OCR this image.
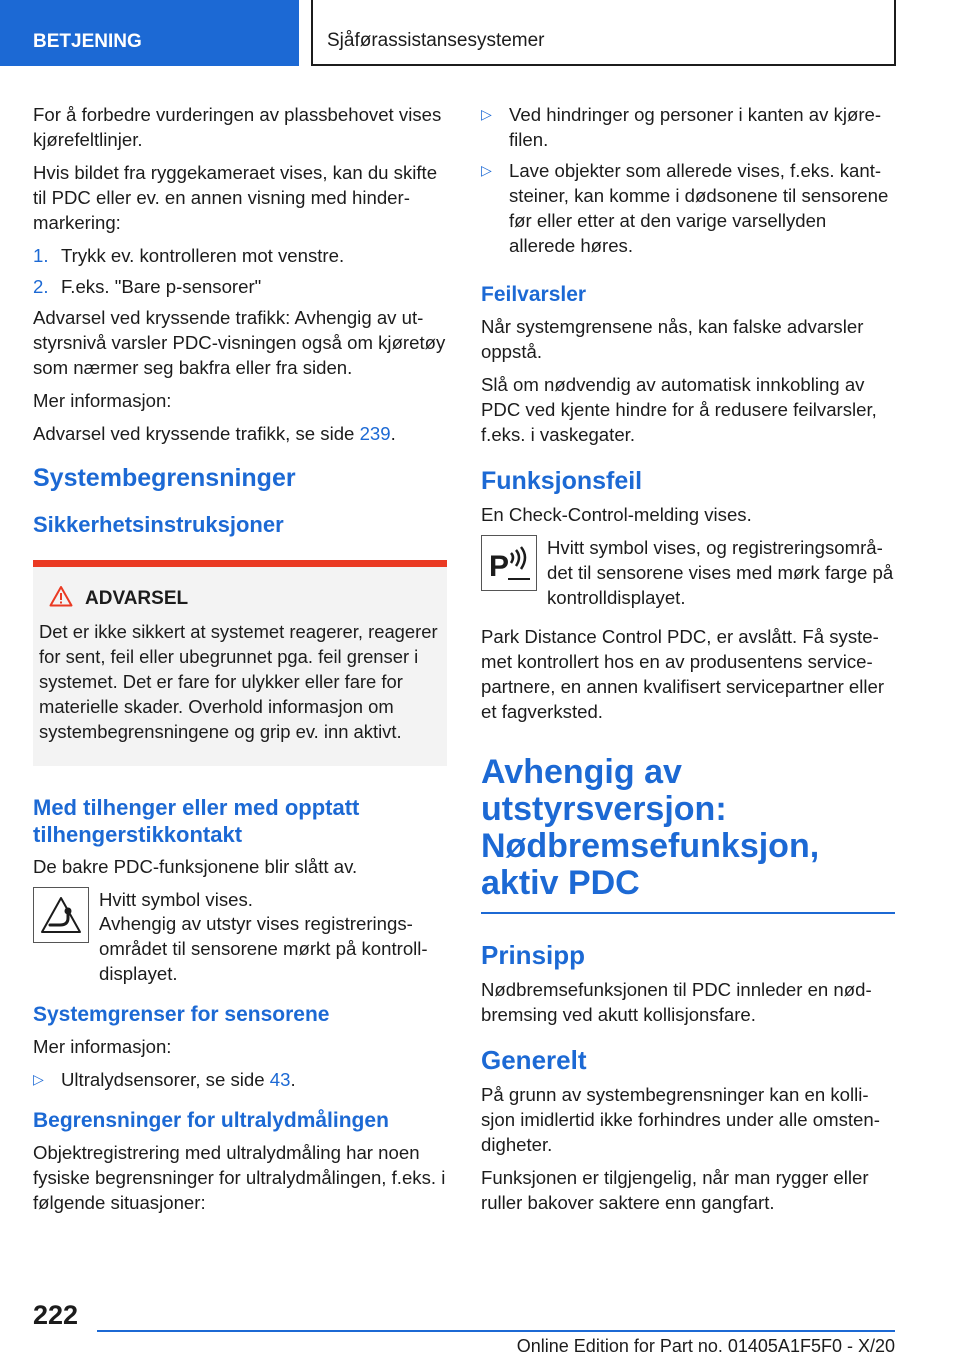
BETJENING	Sjåførassistansesystemer

For å forbedre vurderingen av plassbehovet vises kjørefeltlinjer.

Hvis bildet fra ryggekameraet vises, kan du skifte til PDC eller ev. en annen visning med hindermarkering:

1. Trykk ev. kontrolleren mot venstre.
2. F.eks. "Bare p-sensorer"

Advarsel ved kryssende trafikk: Avhengig av utstyrsnivå varsler PDC-visningen også om kjøretøy som nærmer seg bakfra eller fra siden.

Mer informasjon:

Advarsel ved kryssende trafikk, se side 239.

Systembegrensninger
Sikkerhetsinstruksjoner
ADVARSEL

Det er ikke sikkert at systemet reagerer, reagerer for sent, feil eller ubegrunnet pga. feil grenser i systemet. Det er fare for ulykker eller fare for materielle skader. Overhold informasjon om systembegrensningene og grip ev. inn aktivt.

Med tilhenger eller med opptatt tilhengerstikkontakt

De bakre PDC-funksjonene blir slått av.

Hvitt symbol vises.

Avhengig av utstyr vises registreringsområdet til sensorene mørkt på kontrolldisplayet.

Systemgrenser for sensorene

Mer informasjon:

▷ Ultralydsensorer, se side 43.
Begrensninger for ultralydmålingen

Objektregistrering med ultralydmåling har noen fysiske begrensninger for ultralydmålingen, f.eks. i følgende situasjoner:

▷ Ved hindringer og personer i kanten av kjørefilen.
▷ Lave objekter som allerede vises, f.eks. kantsteiner, kan komme i dødsonene til sensorene før eller etter at den varige varsellyden allerede høres.
Feilvarsler

Når systemgrensene nås, kan falske advarsler oppstå.

Slå om nødvendig av automatisk innkobling av PDC ved kjente hindre for å redusere feilvarsler, f.eks. i vaskegater.

Funksjonsfeil

En Check-Control-melding vises.

P

Hvitt symbol vises, og registreringsområdet til sensorene vises med mørk farge på kontrolldisplayet.

Park Distance Control PDC, er avslått. Få systemet kontrollert hos en av produsentens servicepartnere, en annen kvalifisert servicepartner eller et fagverksted.

Avhengig av utstyrsversjon: Nødbremsefunksjon, aktiv PDC
Prinsipp

Nødbremsefunksjonen til PDC innleder en nødbremsing ved akutt kollisjonsfare.

Generelt

På grunn av systembegrensninger kan en kollisjon imidlertid ikke forhindres under alle omstendigheter.

Funksjonen er tilgjengelig, når man rygger eller ruller bakover saktere enn gangfart.

222
Online Edition for Part no. 01405A1F5F0 - X/20
